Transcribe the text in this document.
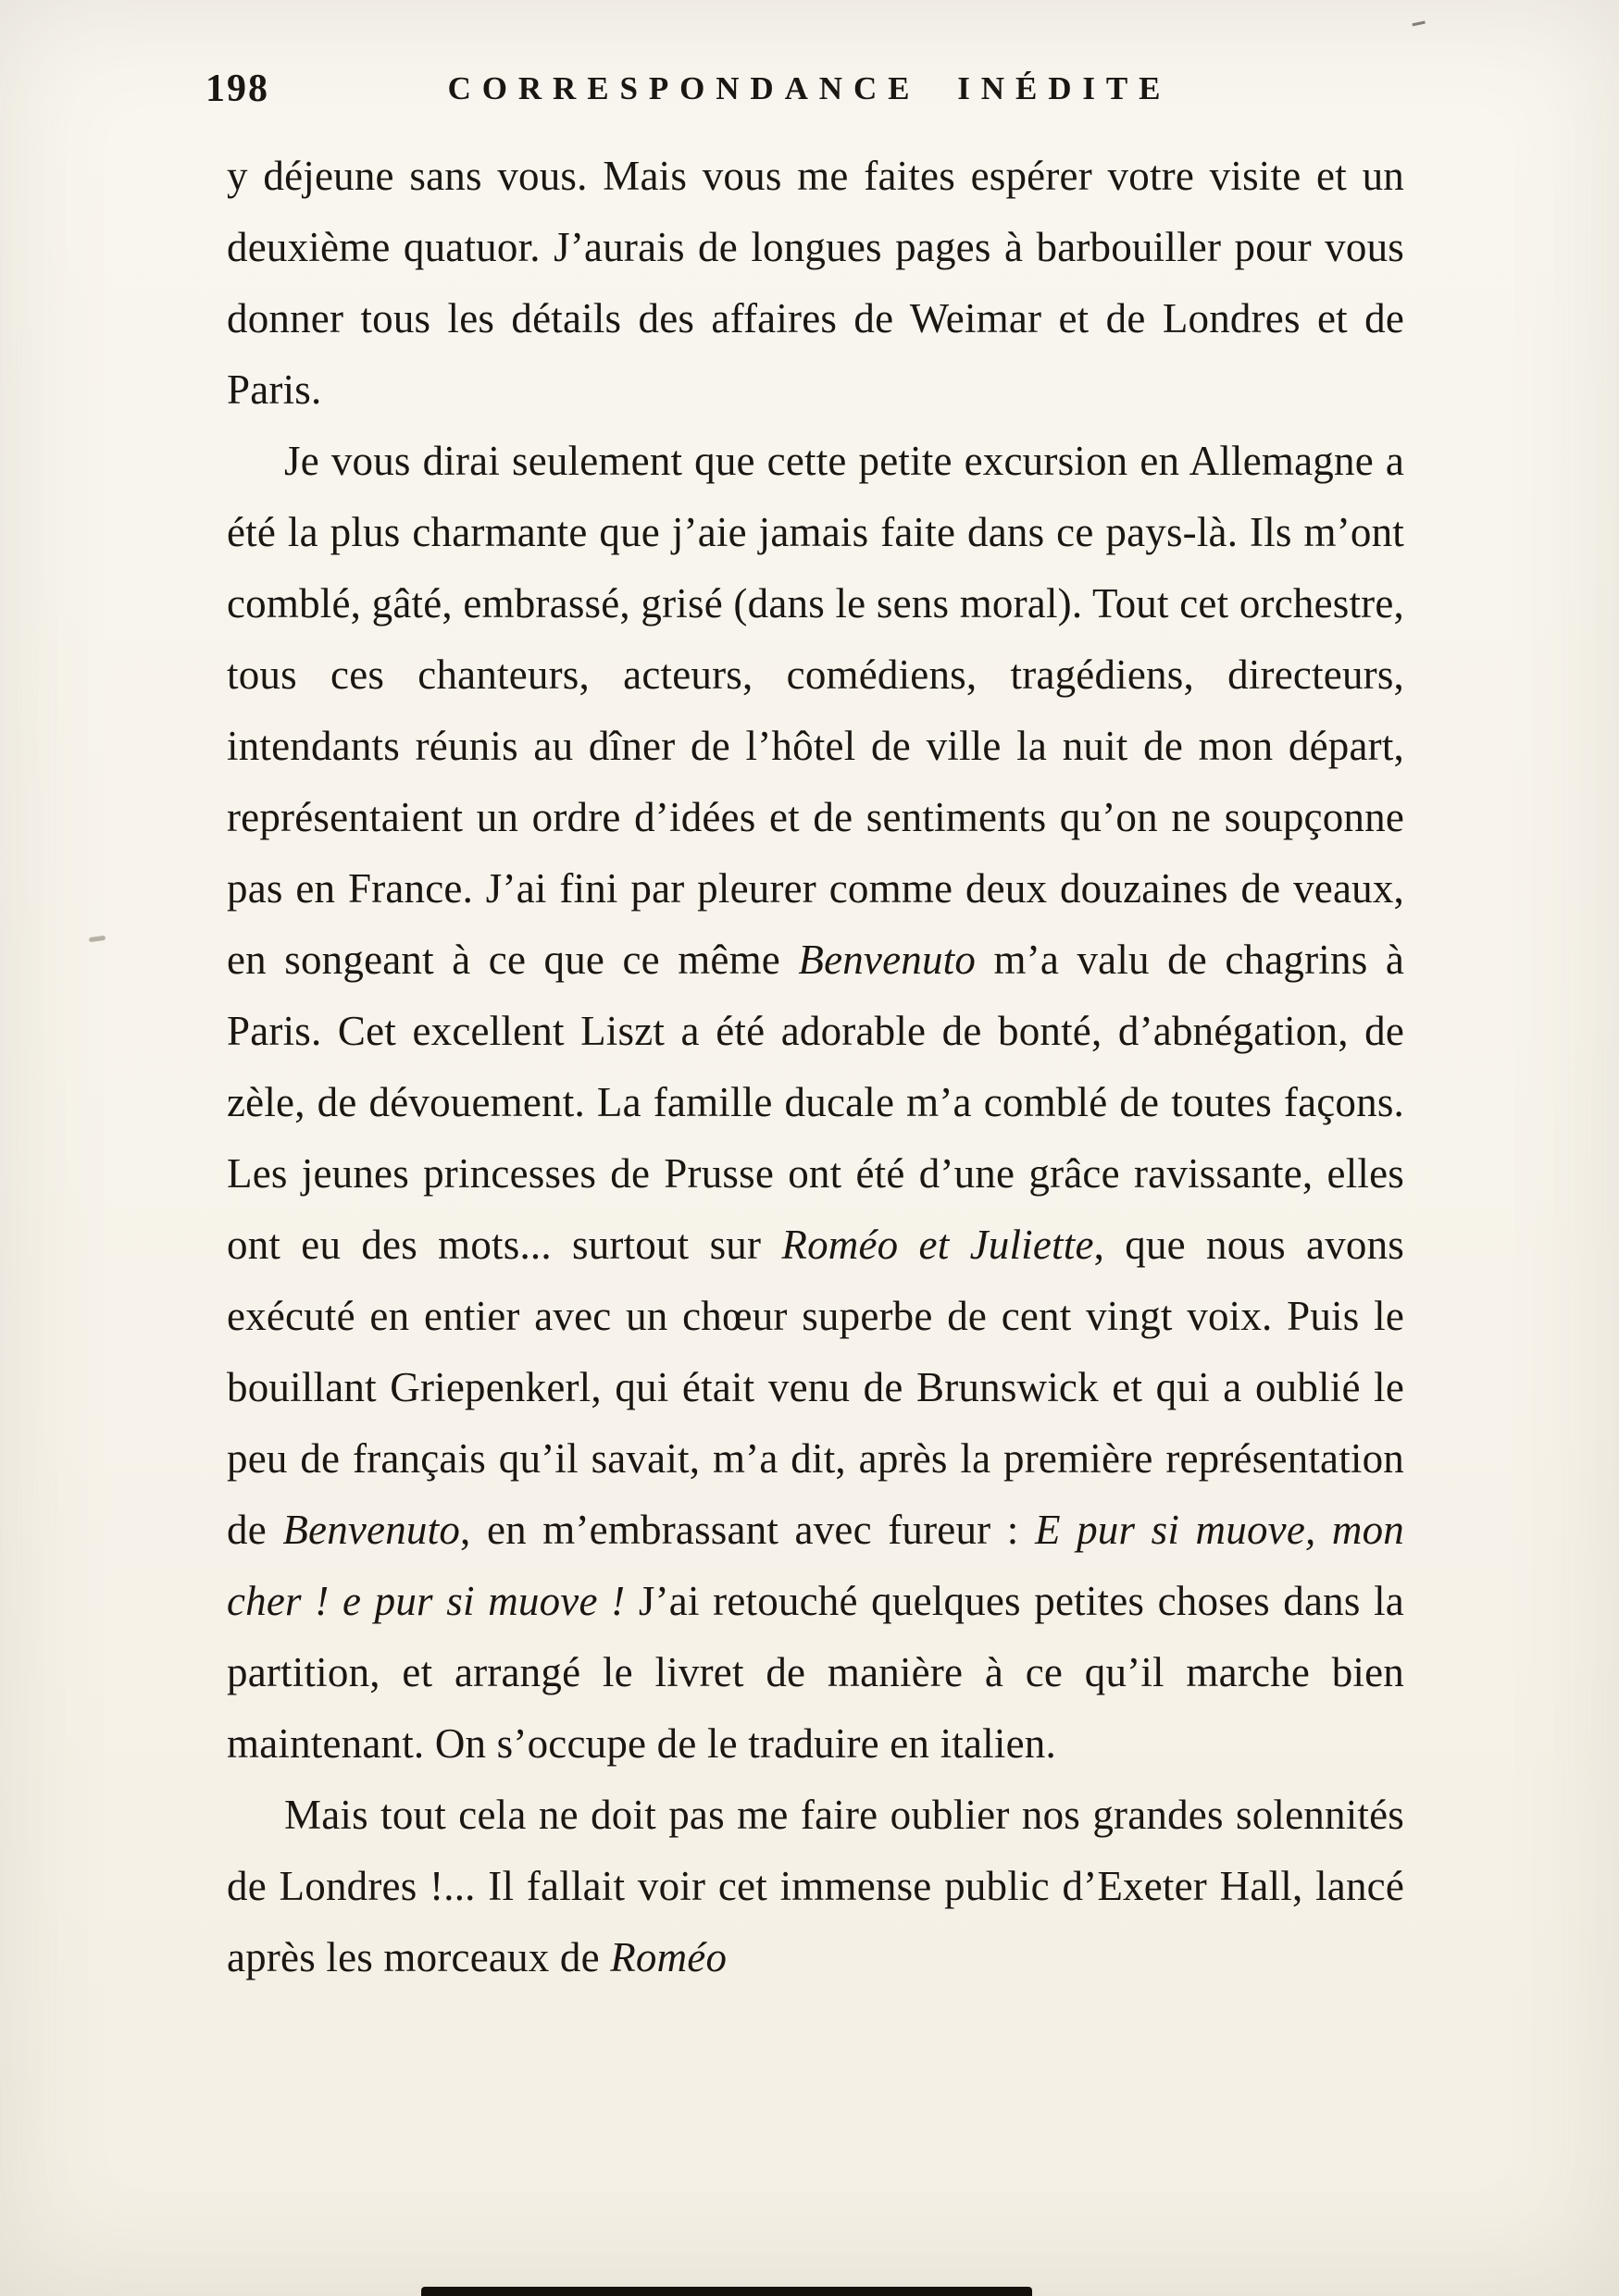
198	CORRESPONDANCE INÉDITE

y déjeune sans vous. Mais vous me faites espérer votre visite et un deuxième quatuor. J’aurais de longues pages à barbouiller pour vous donner tous les détails des affaires de Weimar et de Londres et de Paris.

Je vous dirai seulement que cette petite excursion en Allemagne a été la plus charmante que j’aie jamais faite dans ce pays-là. Ils m’ont comblé, gâté, embrassé, grisé (dans le sens moral). Tout cet orchestre, tous ces chanteurs, acteurs, comédiens, tragédiens, directeurs, intendants réunis au dîner de l’hôtel de ville la nuit de mon départ, représentaient un ordre d’idées et de sentiments qu’on ne soupçonne pas en France. J’ai fini par pleurer comme deux douzaines de veaux, en songeant à ce que ce même Benvenuto m’a valu de chagrins à Paris. Cet excellent Liszt a été adorable de bonté, d’abnégation, de zèle, de dévouement. La famille ducale m’a comblé de toutes façons. Les jeunes princesses de Prusse ont été d’une grâce ravissante, elles ont eu des mots... surtout sur Roméo et Juliette, que nous avons exécuté en entier avec un chœur superbe de cent vingt voix. Puis le bouillant Griepenkerl, qui était venu de Brunswick et qui a oublié le peu de français qu’il savait, m’a dit, après la première représentation de Benvenuto, en m’embrassant avec fureur : E pur si muove, mon cher ! e pur si muove ! J’ai retouché quelques petites choses dans la partition, et arrangé le livret de manière à ce qu’il marche bien maintenant. On s’occupe de le traduire en italien.

Mais tout cela ne doit pas me faire oublier nos grandes solennités de Londres !... Il fallait voir cet immense public d’Exeter Hall, lancé après les morceaux de Roméo
